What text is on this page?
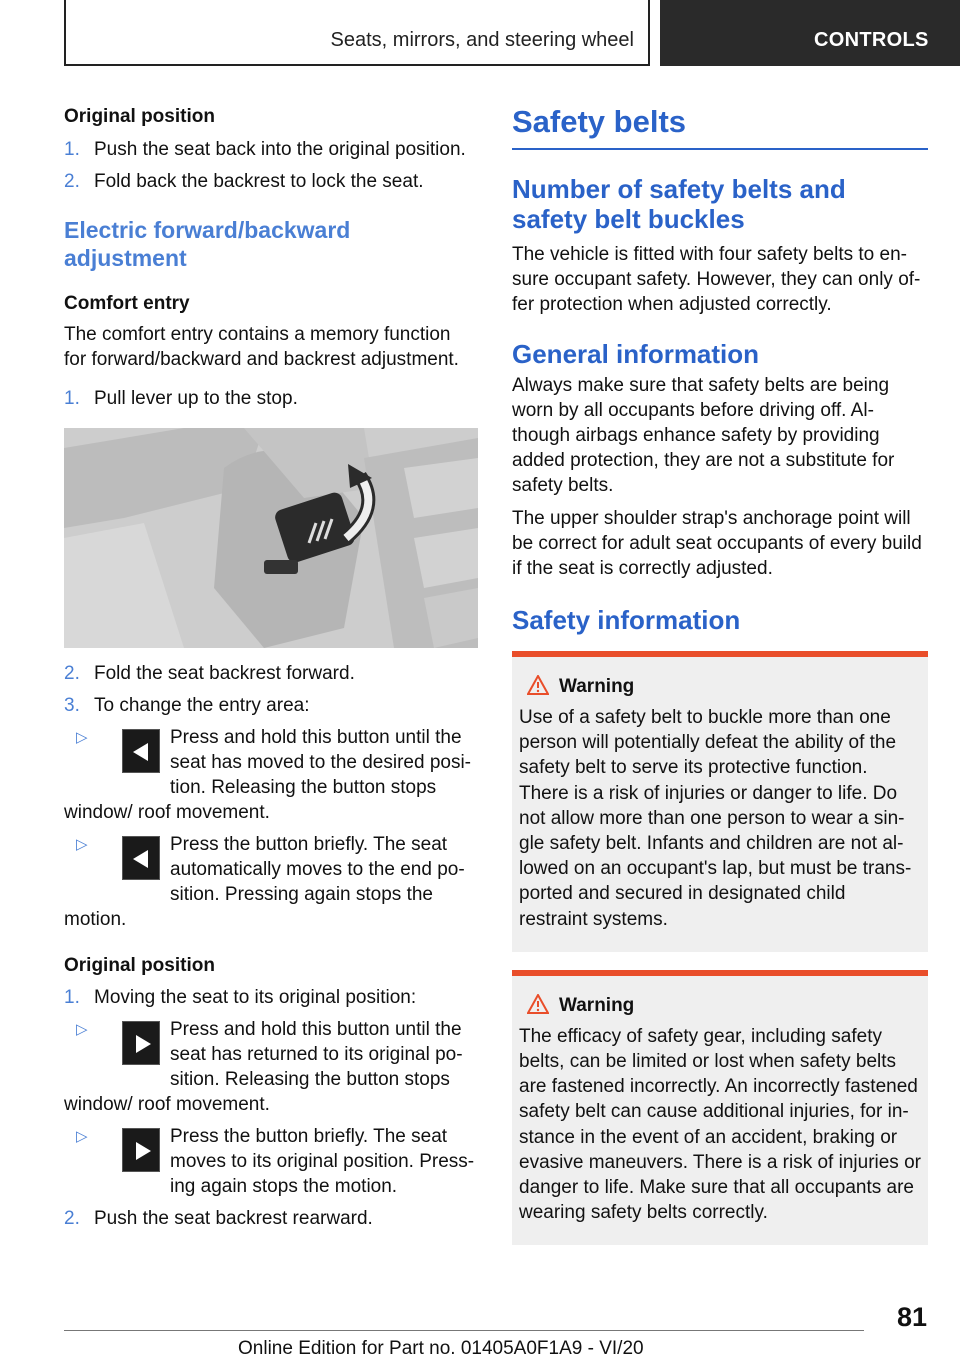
Seats, mirrors, and steering wheel	CONTROLS
Original position
1. Push the seat back into the original position.
2. Fold back the backrest to lock the seat.
Electric forward/backward adjustment
Comfort entry
The comfort entry contains a memory function for forward/backward and backrest adjustment.
1. Pull lever up to the stop.
2. Fold the seat backrest forward.
3. To change the entry area:
▷	Press and hold this button until the seat has moved to the desired posi- tion. Releasing the button stops window/ roof movement.
▷	Press the button briefly. The seat automatically moves to the end po- sition. Pressing again stops the motion.
Original position
1. Moving the seat to its original position:
▷	Press and hold this button until the seat has returned to its original po- sition. Releasing the button stops window/ roof movement.
▷	Press the button briefly. The seat moves to its original position. Press- ing again stops the motion.
2. Push the seat backrest rearward.
Safety belts
Number of safety belts and safety belt buckles
The vehicle is fitted with four safety belts to en- sure occupant safety. However, they can only of- fer protection when adjusted correctly.
General information
Always make sure that safety belts are being worn by all occupants before driving off. Al- though airbags enhance safety by providing added protection, they are not a substitute for safety belts.
The upper shoulder strap's anchorage point will be correct for adult seat occupants of every build if the seat is correctly adjusted.
Safety information
Warning
Use of a safety belt to buckle more than one person will potentially defeat the ability of the safety belt to serve its protective function. There is a risk of injuries or danger to life. Do not allow more than one person to wear a sin- gle safety belt. Infants and children are not al- lowed on an occupant's lap, but must be trans- ported and secured in designated child restraint systems.
Warning
The efficacy of safety gear, including safety belts, can be limited or lost when safety belts are fastened incorrectly. An incorrectly fastened safety belt can cause additional injuries, for in- stance in the event of an accident, braking or evasive maneuvers. There is a risk of injuries or danger to life. Make sure that all occupants are wearing safety belts correctly.
81
Online Edition for Part no. 01405A0F1A9 - VI/20
